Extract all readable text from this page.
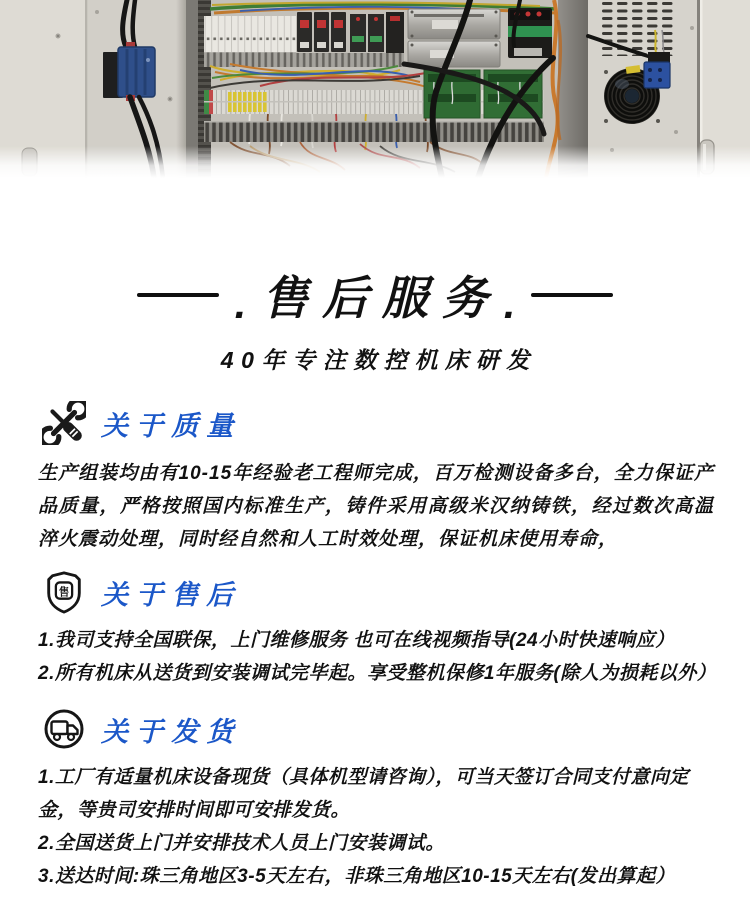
. 售后服务 .
40年专注数控机床研发
关于质量

生产组装均由有10-15年经验老工程师完成，百万检测设备多台，全力保证产品质量，严格按照国内标准生产，铸件采用高级米汉纳铸铁，经过数次高温淬火震动处理，同时经自然和人工时效处理，保证机床使用寿命，

售 关于售后
1.我司支持全国联保，上门维修服务 也可在线视频指导(24小时快速响应）
2.所有机床从送货到安装调试完毕起。享受整机保修1年服务(除人为损耗以外）
关于发货
1.工厂有适量机床设备现货（具体机型请咨询），可当天签订合同支付意向定金，等贵司安排时间即可安排发货。
2.全国送货上门并安排技术人员上门安装调试。
3.送达时间:珠三角地区3-5天左右，非珠三角地区10-15天左右(发出算起）
